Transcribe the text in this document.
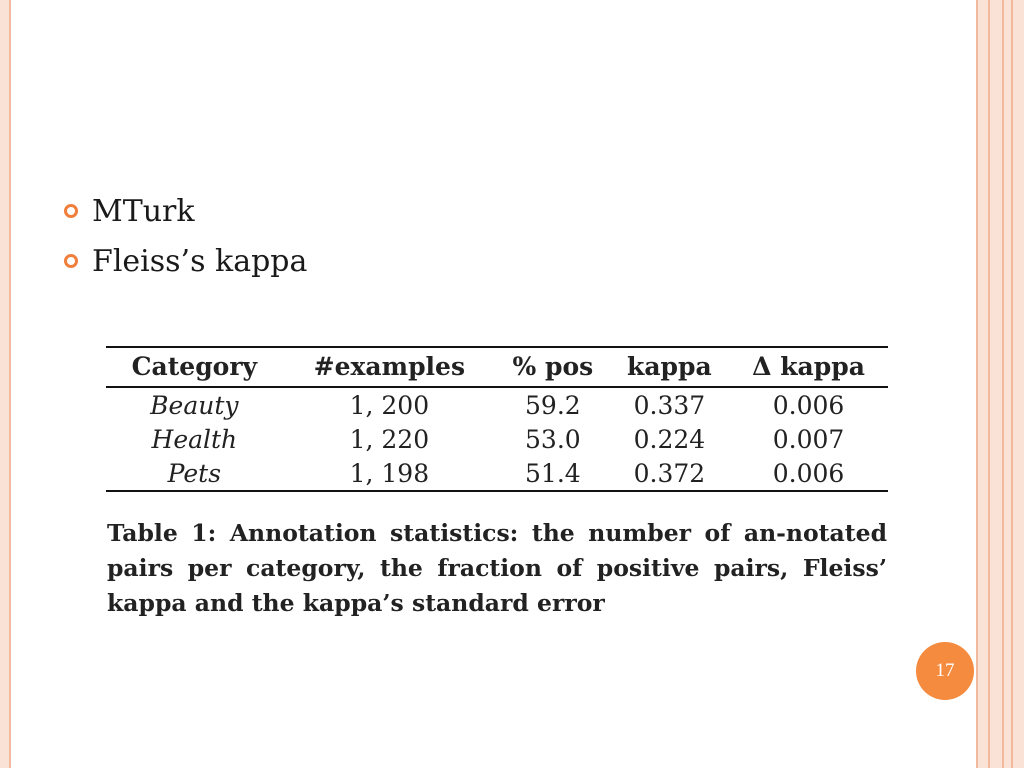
MTurk
Fleiss’s kappa
Category	#examples	% pos	kappa	Δ kappa
Beauty	1, 200	59.2	0.337	0.006
Health	1, 220	53.0	0.224	0.007
Pets	1, 198	51.4	0.372	0.006
Table 1: Annotation statistics: the number of an-notated pairs per category, the fraction of positive pairs, Fleiss’ kappa and the kappa’s standard error
17
